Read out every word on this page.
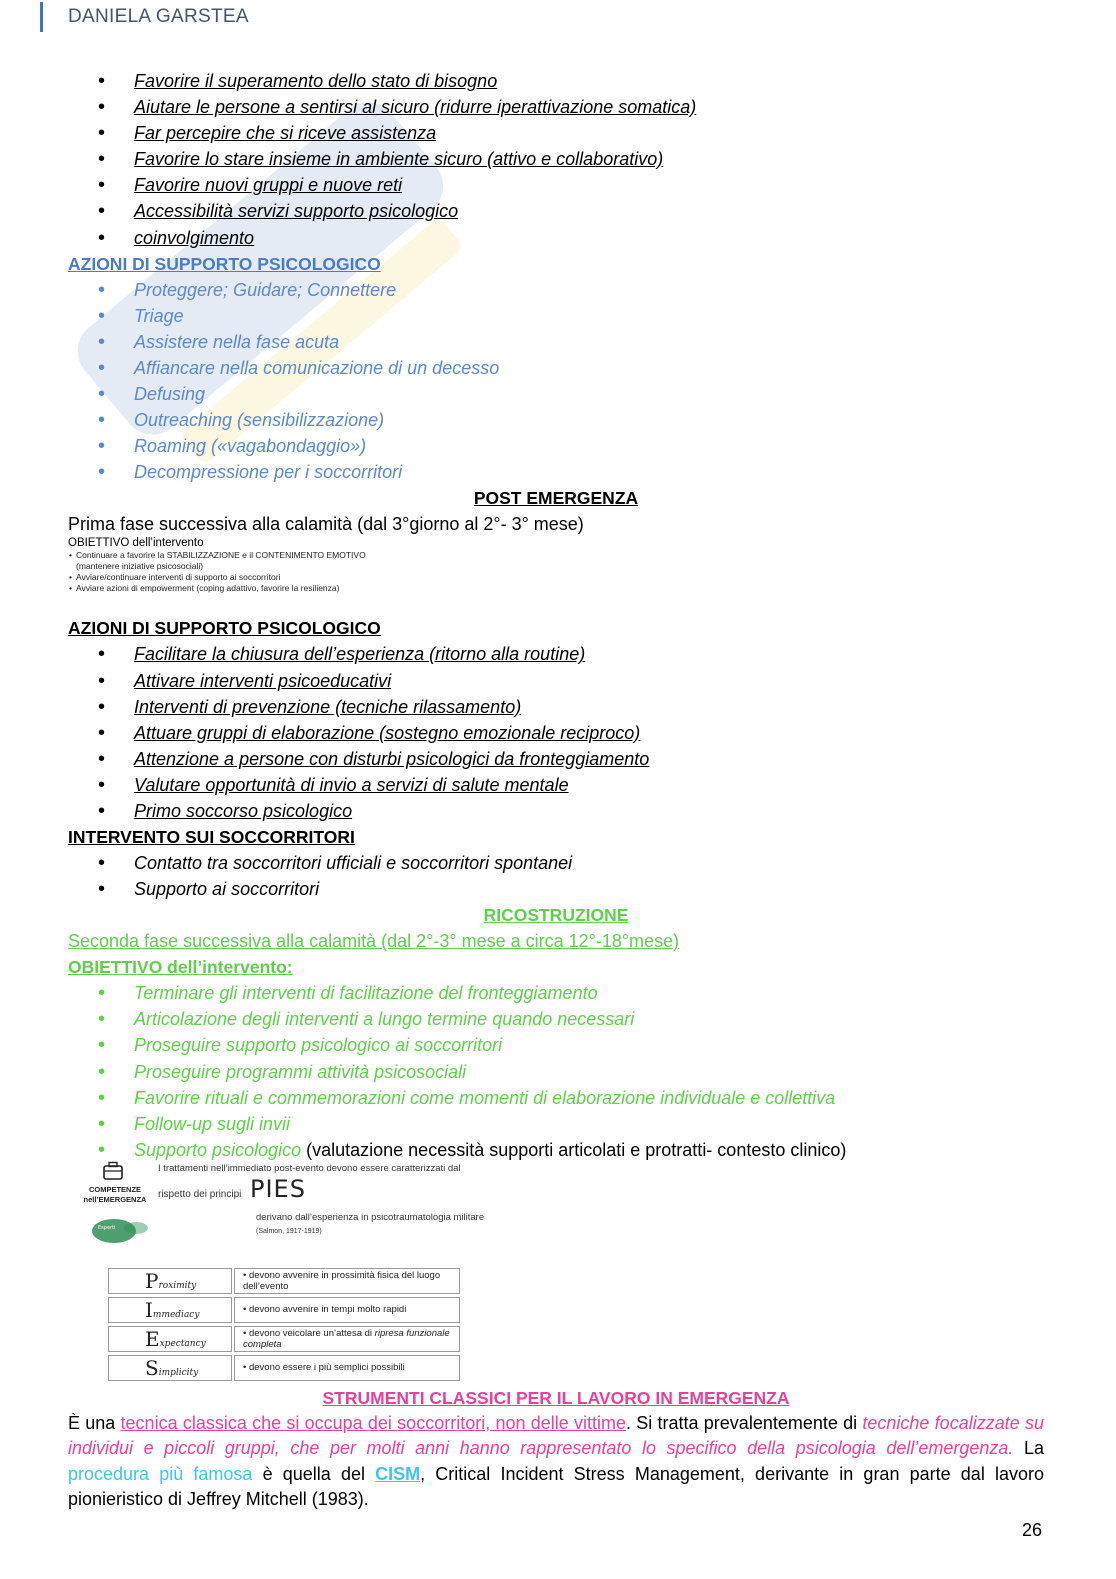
DANIELA GARSTEA
• Favorire il superamento dello stato di bisogno
• Aiutare le persone a sentirsi al sicuro (ridurre iperattivazione somatica)
• Far percepire che si riceve assistenza
• Favorire lo stare insieme in ambiente sicuro (attivo e collaborativo)
• Favorire nuovi gruppi e nuove reti
• Accessibilità servizi supporto psicologico
• coinvolgimento
AZIONI DI SUPPORTO PSICOLOGICO
• Proteggere; Guidare; Connettere
• Triage
• Assistere nella fase acuta
• Affiancare nella comunicazione di un decesso
• Defusing
• Outreaching (sensibilizzazione)
• Roaming («vagabondaggio»)
• Decompressione per i soccorritori
POST EMERGENZA
Prima fase successiva alla calamità (dal 3°giorno al 2°- 3° mese)
OBIETTIVO dell’intervento
• Continuare a favorire la STABILIZZAZIONE e il CONTENIMENTO EMOTIVO (mantenere iniziative psicosociali)
• Avviare/continuare interventi di supporto ai soccorritori
• Avviare azioni di empowerment (coping adattivo, favorire la resilienza)
AZIONI DI SUPPORTO PSICOLOGICO
• Facilitare la chiusura dell’esperienza (ritorno alla routine)
• Attivare interventi psicoeducativi
• Interventi di prevenzione (tecniche rilassamento)
• Attuare gruppi di elaborazione (sostegno emozionale reciproco)
• Attenzione a persone con disturbi psicologici da fronteggiamento
• Valutare opportunità di invio a servizi di salute mentale
• Primo soccorso psicologico
INTERVENTO SUI SOCCORRITORI
• Contatto tra soccorritori ufficiali e soccorritori spontanei
• Supporto ai soccorritori
RICOSTRUZIONE
Seconda fase successiva alla calamità (dal 2°-3° mese a circa 12°-18°mese)
OBIETTIVO dell’intervento:
• Terminare gli interventi di facilitazione del fronteggiamento
• Articolazione degli interventi a lungo termine quando necessari
• Proseguire supporto psicologico ai soccorritori
• Proseguire programmi attività psicosociali
• Favorire rituali e commemorazioni come momenti di elaborazione individuale e collettiva
• Follow-up sugli invii
• Supporto psicologico (valutazione necessità supporti articolati e protratti- contesto clinico)
COMPETENZE
nell’EMERGENZA
Esperti
I trattamenti nell’immediato post-evento devono essere caratterizzati dal
rispetto dei principi PIES
derivano dall’esperienza in psicotraumatologia militare (Salmon, 1917-1919)
Proximity	• devono avvenire in prossimità fisica del luogo dell’evento
Immediacy	• devono avvenire in tempi molto rapidi
Expectancy	• devono veicolare un’attesa di ripresa funzionale completa
Simplicity	• devono essere i più semplici possibili
STRUMENTI CLASSICI PER IL LAVORO IN EMERGENZA

È una tecnica classica che si occupa dei soccorritori, non delle vittime. Si tratta prevalentemente di tecniche focalizzate su individui e piccoli gruppi, che per molti anni hanno rappresentato lo specifico della psicologia dell’emergenza. La procedura più famosa è quella del CISM, Critical Incident Stress Management, derivante in gran parte dal lavoro pionieristico di Jeffrey Mitchell (1983).

26
